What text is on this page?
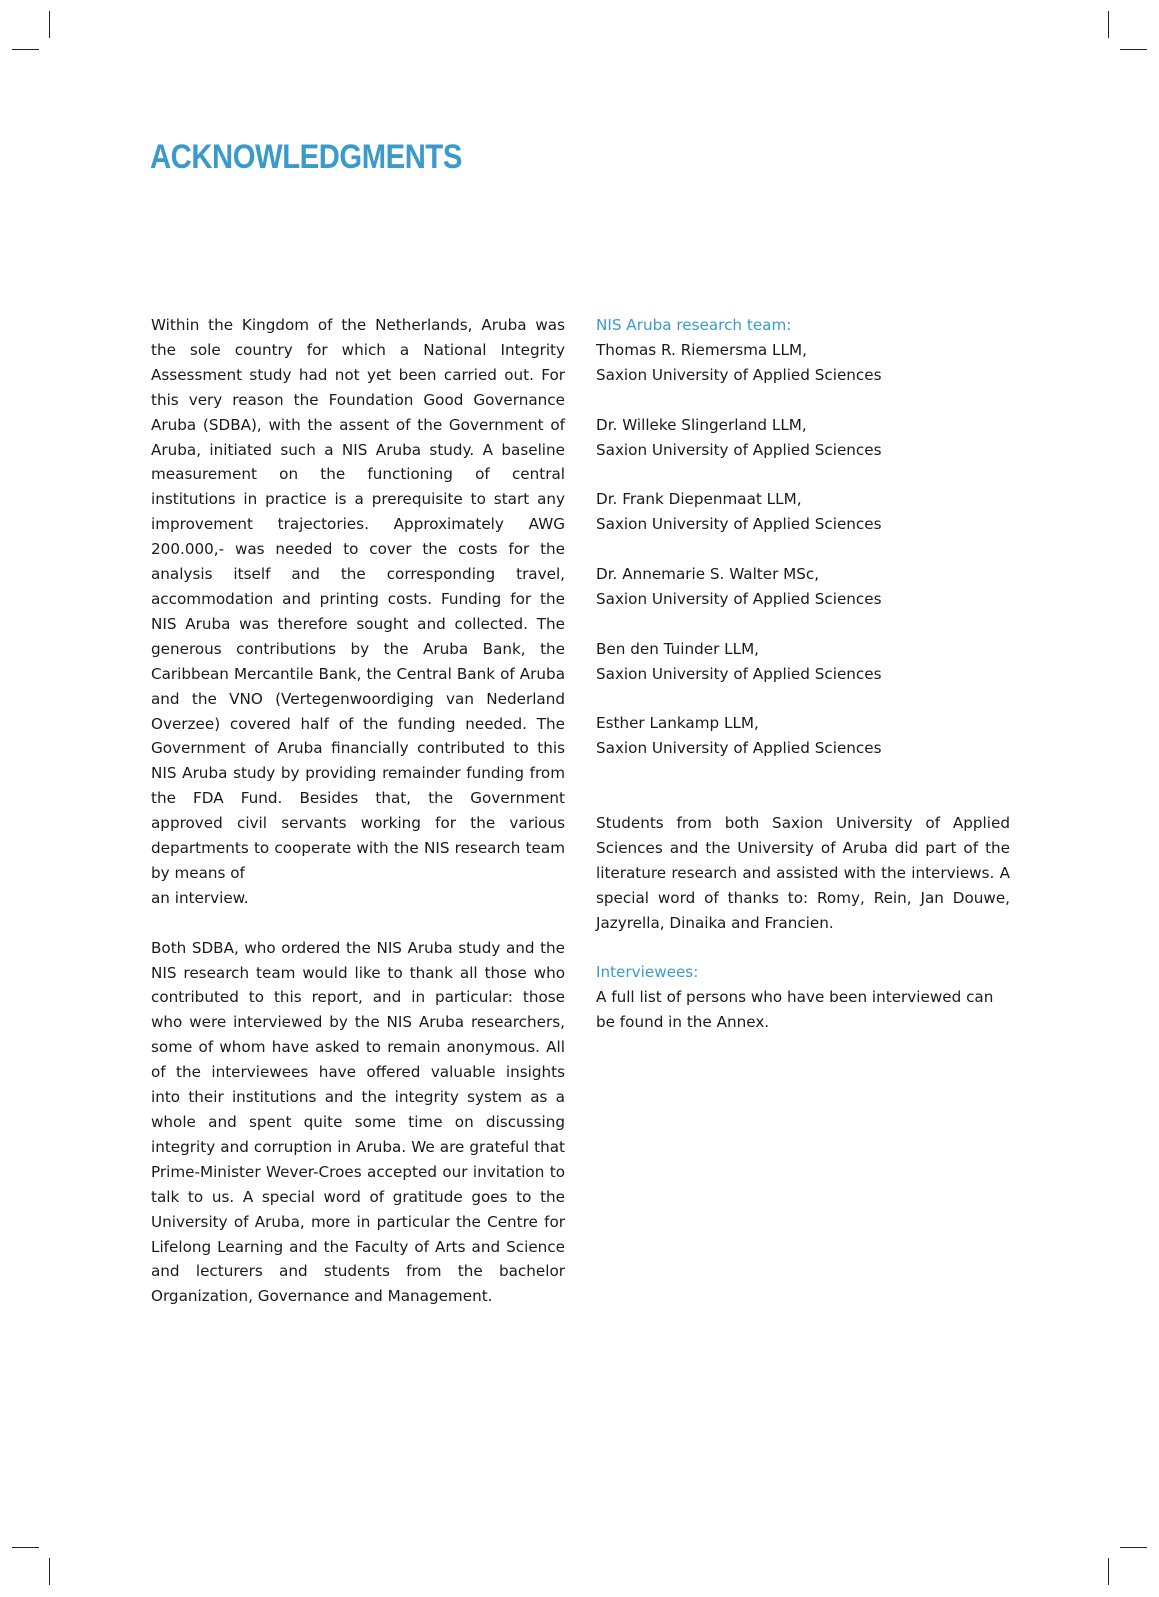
ACKNOWLEDGMENTS

Within the Kingdom of the Netherlands, Aruba was the sole country for which a National Integrity Assessment study had not yet been carried out. For this very reason the Foundation Good Governance Aruba (SDBA), with the assent of the Government of Aruba, initiated such a NIS Aruba study. A baseline measurement on the functioning of central institutions in practice is a prerequisite to start any improvement trajectories. Approximately AWG 200.000,- was needed to cover the costs for the analysis itself and the corresponding travel, accommodation and printing costs. Funding for the NIS Aruba was therefore sought and collected. The generous contributions by the Aruba Bank, the Caribbean Mercantile Bank, the Central Bank of Aruba and the VNO (Vertegenwoordiging van Nederland Overzee) covered half of the funding needed. The Government of Aruba financially contributed to this NIS Aruba study by providing remainder funding from the FDA Fund. Besides that, the Government approved civil servants working for the various departments to cooperate with the NIS research team by means of

an interview.

Both SDBA, who ordered the NIS Aruba study and the NIS research team would like to thank all those who contributed to this report, and in particular: those who were interviewed by the NIS Aruba researchers, some of whom have asked to remain anonymous. All of the interviewees have offered valuable insights into their institutions and the integrity system as a whole and spent quite some time on discussing integrity and corruption in Aruba. We are grateful that Prime-Minister Wever-Croes accepted our invitation to talk to us. A special word of gratitude goes to the University of Aruba, more in particular the Centre for Lifelong Learning and the Faculty of Arts and Science and lecturers and students from the bachelor Organization, Governance and Management.

NIS Aruba research team:

Thomas R. Riemersma LLM,

Saxion University of Applied Sciences

Dr. Willeke Slingerland LLM,

Saxion University of Applied Sciences

Dr. Frank Diepenmaat LLM,

Saxion University of Applied Sciences

Dr. Annemarie S. Walter MSc,

Saxion University of Applied Sciences

Ben den Tuinder LLM,

Saxion University of Applied Sciences

Esther Lankamp LLM,

Saxion University of Applied Sciences

Students from both Saxion University of Applied Sciences and the University of Aruba did part of the literature research and assisted with the interviews. A special word of thanks to: Romy, Rein, Jan Douwe, Jazyrella, Dinaika and Francien.

Interviewees:

A full list of persons who have been interviewed can be found in the Annex.
